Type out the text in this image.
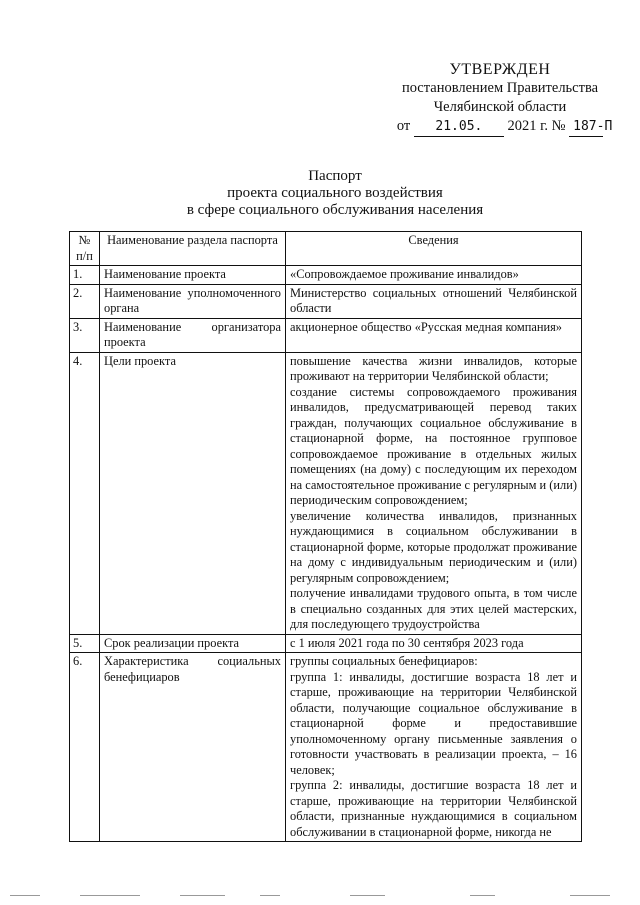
УТВЕРЖДЕН
постановлением Правительства
Челябинской области
от 21.05. 2021 г. № 187-П
Паспорт
проекта социального воздействия
в сфере социального обслуживания населения
№ п/п	Наименование раздела паспорта	Сведения
1.	Наименование проекта	«Сопровождаемое проживание инвалидов»

2.	Наименование уполномоченного органа	Министерство социальных отношений Челябинской области

3.	Наименование организатора проекта	акционерное общество «Русская медная компания»

4.	Цели проекта	повышение качества жизни инвалидов, которые проживают на территории Челябинской области;
создание системы сопровождаемого проживания инвалидов, предусматривающей перевод таких граждан, получающих социальное обслуживание в стационарной форме, на постоянное групповое сопровождаемое проживание в отдельных жилых помещениях (на дому) с последующим их переходом на самостоятельное проживание с регулярным и (или) периодическим сопровождением;
увеличение количества инвалидов, признанных нуждающимися в социальном обслуживании в стационарной форме, которые продолжат проживание на дому с индивидуальным периодическим и (или) регулярным сопровождением;
получение инвалидами трудового опыта, в том числе в специально созданных для этих целей мастерских, для последующего трудоустройства

5.	Срок реализации проекта	с 1 июля 2021 года по 30 сентября 2023 года

6.	Характеристика социальных бенефициаров	группы социальных бенефициаров:
группа 1: инвалиды, достигшие возраста 18 лет и старше, проживающие на территории Челябинской области, получающие социальное обслуживание в стационарной форме и предоставившие уполномоченному органу письменные заявления о готовности участвовать в реализации проекта, – 16 человек;
группа 2: инвалиды, достигшие возраста 18 лет и старше, проживающие на территории Челябинской области, признанные нуждающимися в социальном обслуживании в стационарной форме, никогда не
